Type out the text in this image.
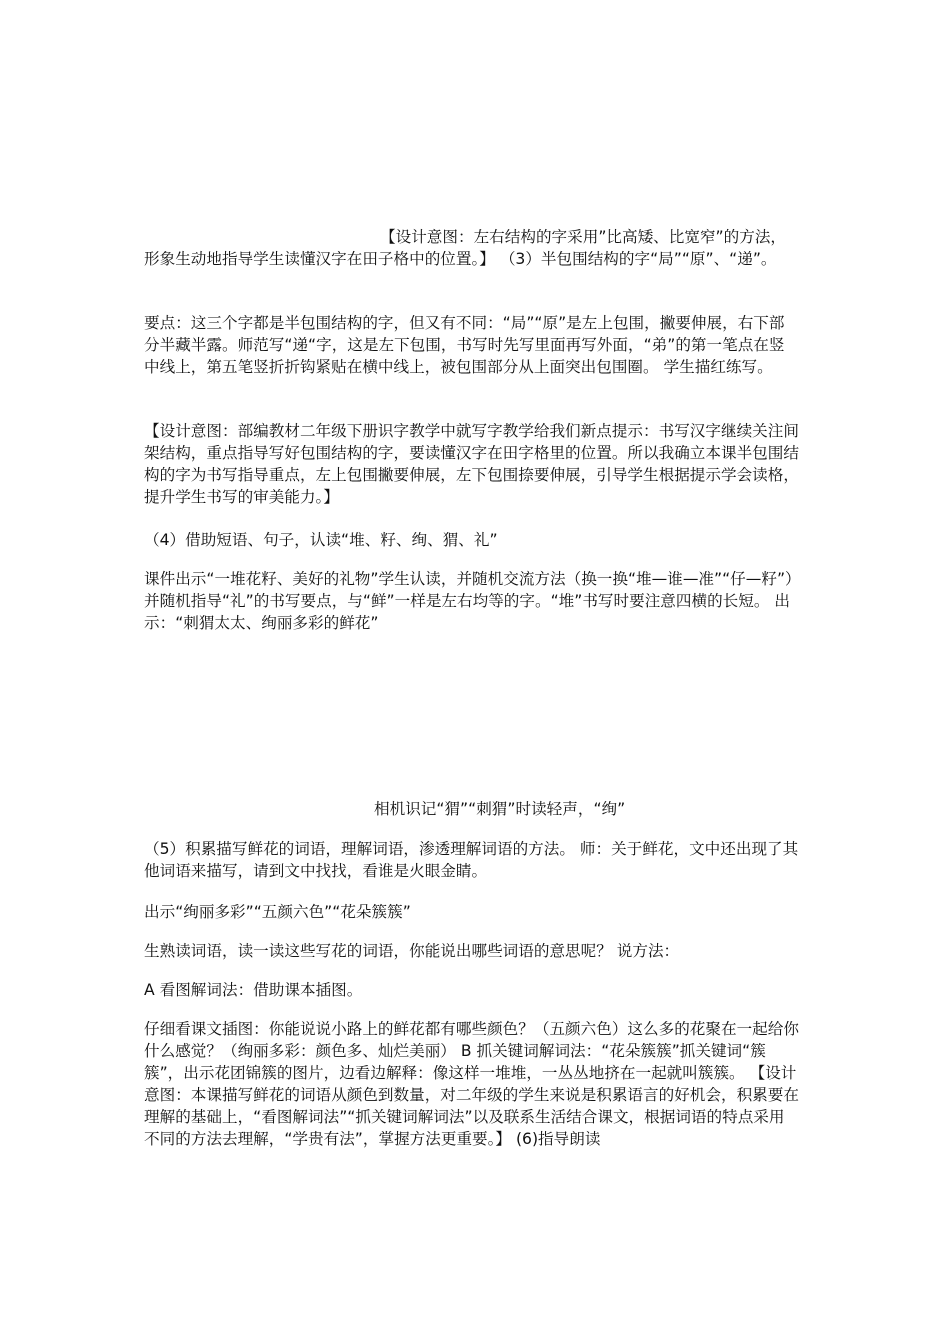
【设计意图：左右结构的字采用”比高矮、比宽窄”的方法，形象生动地指导学生读懂汉字在田子格中的位置。】 （3）半包围结构的字“局”“原”、“递”。

要点：这三个字都是半包围结构的字，但又有不同：“局”“原”是左上包围，撇要伸展，右下部分半藏半露。师范写“递“字，这是左下包围，书写时先写里面再写外面，“弟”的第一笔点在竖中线上，第五笔竖折折钩紧贴在横中线上，被包围部分从上面突出包围圈。 学生描红练写。

【设计意图：部编教材二年级下册识字教学中就写字教学给我们新点提示：书写汉字继续关注间架结构，重点指导写好包围结构的字，要读懂汉字在田字格里的位置。所以我确立本课半包围结构的字为书写指导重点，左上包围撇要伸展，左下包围捺要伸展，引导学生根据提示学会读格，提升学生书写的审美能力。】

（4）借助短语、句子，认读“堆、籽、绚、猬、礼”

课件出示“一堆花籽、美好的礼物”学生认读，并随机交流方法（换一换“堆—谁—准”“仔—籽”）并随机指导“礼”的书写要点，与“鲜”一样是左右均等的字。“堆”书写时要注意四横的长短。 出示：“刺猬太太、绚丽多彩的鲜花”

相机识记“猬”“刺猬”时读轻声，“绚”

（5）积累描写鲜花的词语，理解词语，渗透理解词语的方法。 师：关于鲜花，文中还出现了其他词语来描写，请到文中找找，看谁是火眼金睛。

出示“绚丽多彩”“五颜六色”“花朵簇簇”

生熟读词语，读一读这些写花的词语，你能说出哪些词语的意思呢？ 说方法：

A 看图解词法：借助课本插图。

仔细看课文插图：你能说说小路上的鲜花都有哪些颜色？（五颜六色）这么多的花聚在一起给你什么感觉？（绚丽多彩：颜色多、灿烂美丽） B 抓关键词解词法：“花朵簇簇”抓关键词“簇簇”，出示花团锦簇的图片，边看边解释：像这样一堆堆，一丛丛地挤在一起就叫簇簇。 【设计意图：本课描写鲜花的词语从颜色到数量，对二年级的学生来说是积累语言的好机会，积累要在理解的基础上，“看图解词法”“抓关键词解词法”以及联系生活结合课文，根据词语的特点采用不同的方法去理解，“学贵有法”，掌握方法更重要。】 (6)指导朗读
